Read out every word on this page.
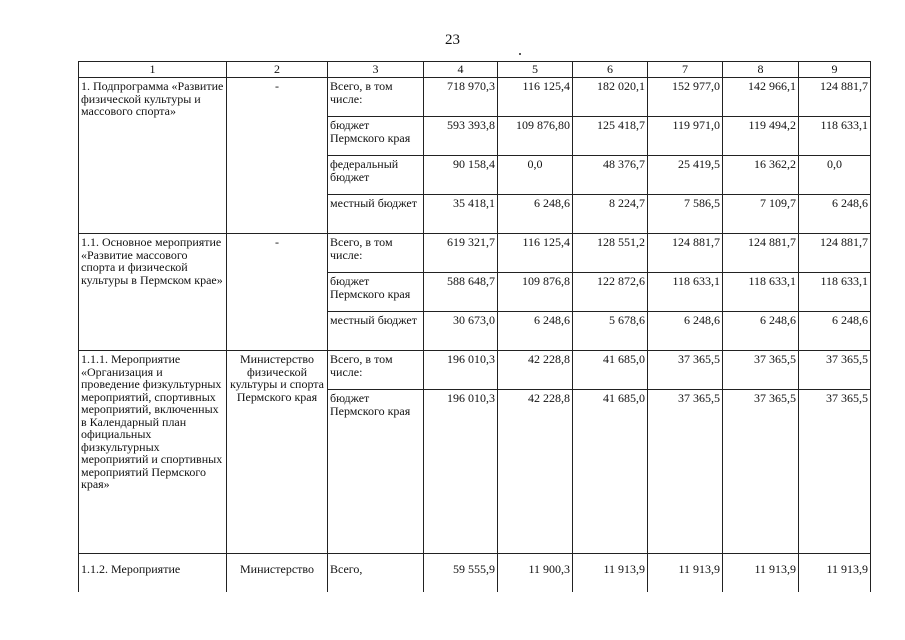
23
1	2	3	4	5	6	7	8	9
1. Подпрограмма «Развитие физической культуры и массового спорта»	-	Всего, в том числе:	718 970,3	116 125,4	182 020,1	152 977,0	142 966,1	124 881,7
		бюджет Пермского края	593 393,8	109 876,80	125 418,7	119 971,0	119 494,2	118 633,1
		федеральный бюджет	90 158,4	0,0	48 376,7	25 419,5	16 362,2	0,0
		местный бюджет	35 418,1	6 248,6	8 224,7	7 586,5	7 109,7	6 248,6
1.1. Основное мероприятие «Развитие массового спорта и физической культуры в Пермском крае»	-	Всего, в том числе:	619 321,7	116 125,4	128 551,2	124 881,7	124 881,7	124 881,7
		бюджет Пермского края	588 648,7	109 876,8	122 872,6	118 633,1	118 633,1	118 633,1
		местный бюджет	30 673,0	6 248,6	5 678,6	6 248,6	6 248,6	6 248,6
1.1.1. Мероприятие «Организация и проведение физкультурных мероприятий, спортивных мероприятий, включенных в Календарный план официальных физкультурных мероприятий и спортивных мероприятий Пермского края»	Министерство физической культуры и спорта Пермского края	Всего, в том числе:	196 010,3	42 228,8	41 685,0	37 365,5	37 365,5	37 365,5
		бюджет Пермского края	196 010,3	42 228,8	41 685,0	37 365,5	37 365,5	37 365,5
1.1.2. Мероприятие	Министерство	Всего,	59 555,9	11 900,3	11 913,9	11 913,9	11 913,9	11 913,9
